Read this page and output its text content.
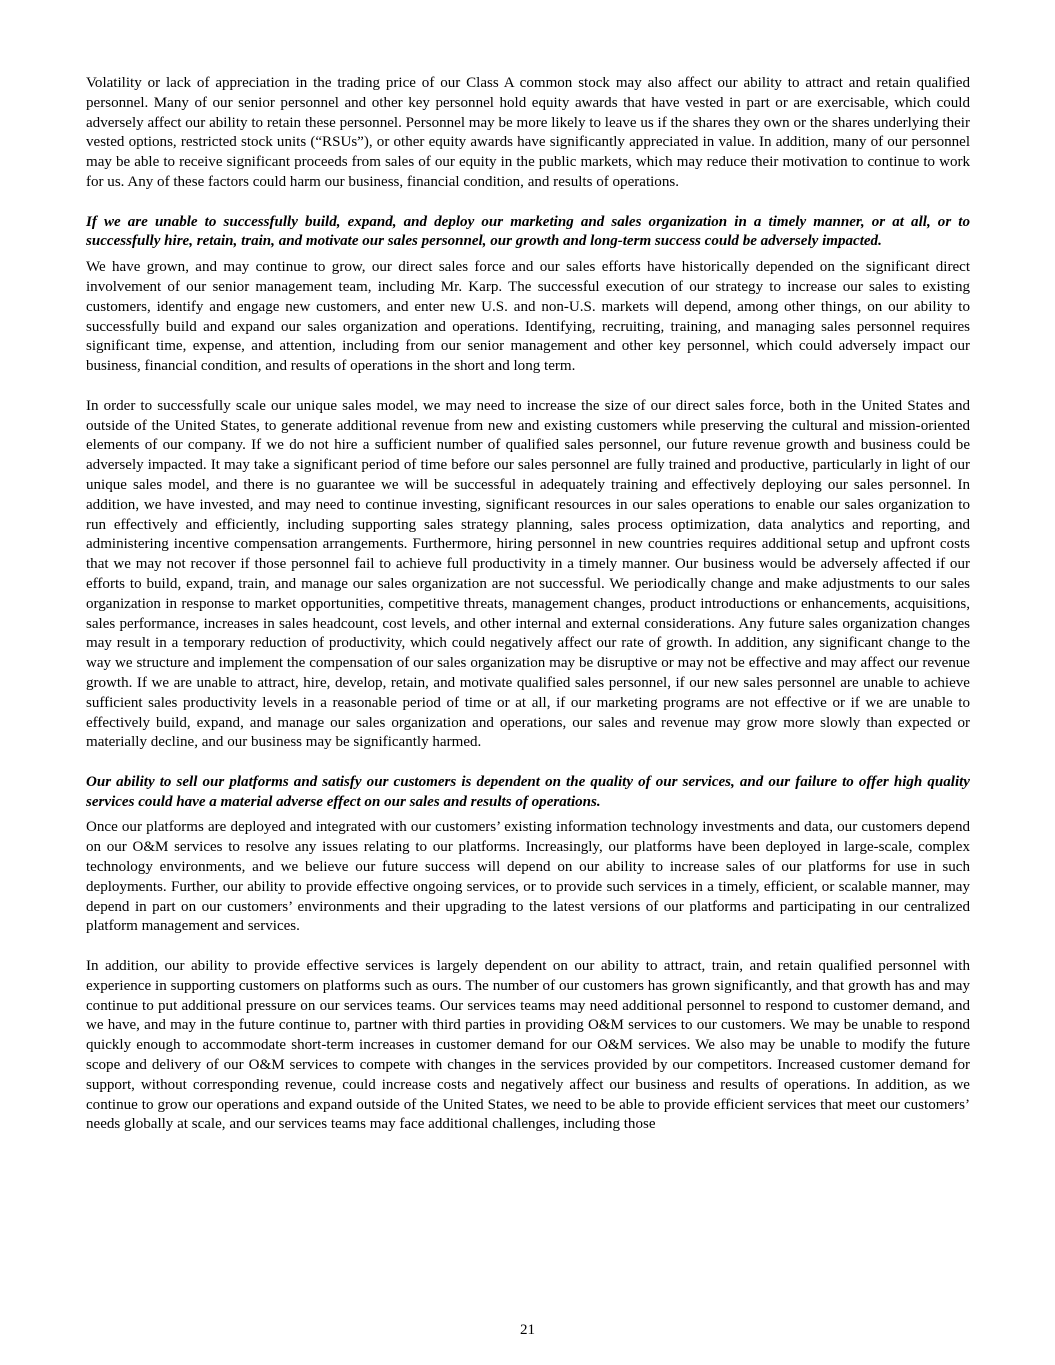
Volatility or lack of appreciation in the trading price of our Class A common stock may also affect our ability to attract and retain qualified personnel. Many of our senior personnel and other key personnel hold equity awards that have vested in part or are exercisable, which could adversely affect our ability to retain these personnel. Personnel may be more likely to leave us if the shares they own or the shares underlying their vested options, restricted stock units (“RSUs”), or other equity awards have significantly appreciated in value. In addition, many of our personnel may be able to receive significant proceeds from sales of our equity in the public markets, which may reduce their motivation to continue to work for us. Any of these factors could harm our business, financial condition, and results of operations.

If we are unable to successfully build, expand, and deploy our marketing and sales organization in a timely manner, or at all, or to successfully hire, retain, train, and motivate our sales personnel, our growth and long-term success could be adversely impacted.

We have grown, and may continue to grow, our direct sales force and our sales efforts have historically depended on the significant direct involvement of our senior management team, including Mr. Karp. The successful execution of our strategy to increase our sales to existing customers, identify and engage new customers, and enter new U.S. and non-U.S. markets will depend, among other things, on our ability to successfully build and expand our sales organization and operations. Identifying, recruiting, training, and managing sales personnel requires significant time, expense, and attention, including from our senior management and other key personnel, which could adversely impact our business, financial condition, and results of operations in the short and long term.

In order to successfully scale our unique sales model, we may need to increase the size of our direct sales force, both in the United States and outside of the United States, to generate additional revenue from new and existing customers while preserving the cultural and mission-oriented elements of our company. If we do not hire a sufficient number of qualified sales personnel, our future revenue growth and business could be adversely impacted. It may take a significant period of time before our sales personnel are fully trained and productive, particularly in light of our unique sales model, and there is no guarantee we will be successful in adequately training and effectively deploying our sales personnel. In addition, we have invested, and may need to continue investing, significant resources in our sales operations to enable our sales organization to run effectively and efficiently, including supporting sales strategy planning, sales process optimization, data analytics and reporting, and administering incentive compensation arrangements. Furthermore, hiring personnel in new countries requires additional setup and upfront costs that we may not recover if those personnel fail to achieve full productivity in a timely manner. Our business would be adversely affected if our efforts to build, expand, train, and manage our sales organization are not successful. We periodically change and make adjustments to our sales organization in response to market opportunities, competitive threats, management changes, product introductions or enhancements, acquisitions, sales performance, increases in sales headcount, cost levels, and other internal and external considerations. Any future sales organization changes may result in a temporary reduction of productivity, which could negatively affect our rate of growth. In addition, any significant change to the way we structure and implement the compensation of our sales organization may be disruptive or may not be effective and may affect our revenue growth. If we are unable to attract, hire, develop, retain, and motivate qualified sales personnel, if our new sales personnel are unable to achieve sufficient sales productivity levels in a reasonable period of time or at all, if our marketing programs are not effective or if we are unable to effectively build, expand, and manage our sales organization and operations, our sales and revenue may grow more slowly than expected or materially decline, and our business may be significantly harmed.

Our ability to sell our platforms and satisfy our customers is dependent on the quality of our services, and our failure to offer high quality services could have a material adverse effect on our sales and results of operations.

Once our platforms are deployed and integrated with our customers’ existing information technology investments and data, our customers depend on our O&M services to resolve any issues relating to our platforms. Increasingly, our platforms have been deployed in large-scale, complex technology environments, and we believe our future success will depend on our ability to increase sales of our platforms for use in such deployments. Further, our ability to provide effective ongoing services, or to provide such services in a timely, efficient, or scalable manner, may depend in part on our customers’ environments and their upgrading to the latest versions of our platforms and participating in our centralized platform management and services.

In addition, our ability to provide effective services is largely dependent on our ability to attract, train, and retain qualified personnel with experience in supporting customers on platforms such as ours. The number of our customers has grown significantly, and that growth has and may continue to put additional pressure on our services teams. Our services teams may need additional personnel to respond to customer demand, and we have, and may in the future continue to, partner with third parties in providing O&M services to our customers. We may be unable to respond quickly enough to accommodate short-term increases in customer demand for our O&M services. We also may be unable to modify the future scope and delivery of our O&M services to compete with changes in the services provided by our competitors. Increased customer demand for support, without corresponding revenue, could increase costs and negatively affect our business and results of operations. In addition, as we continue to grow our operations and expand outside of the United States, we need to be able to provide efficient services that meet our customers’ needs globally at scale, and our services teams may face additional challenges, including those

21
